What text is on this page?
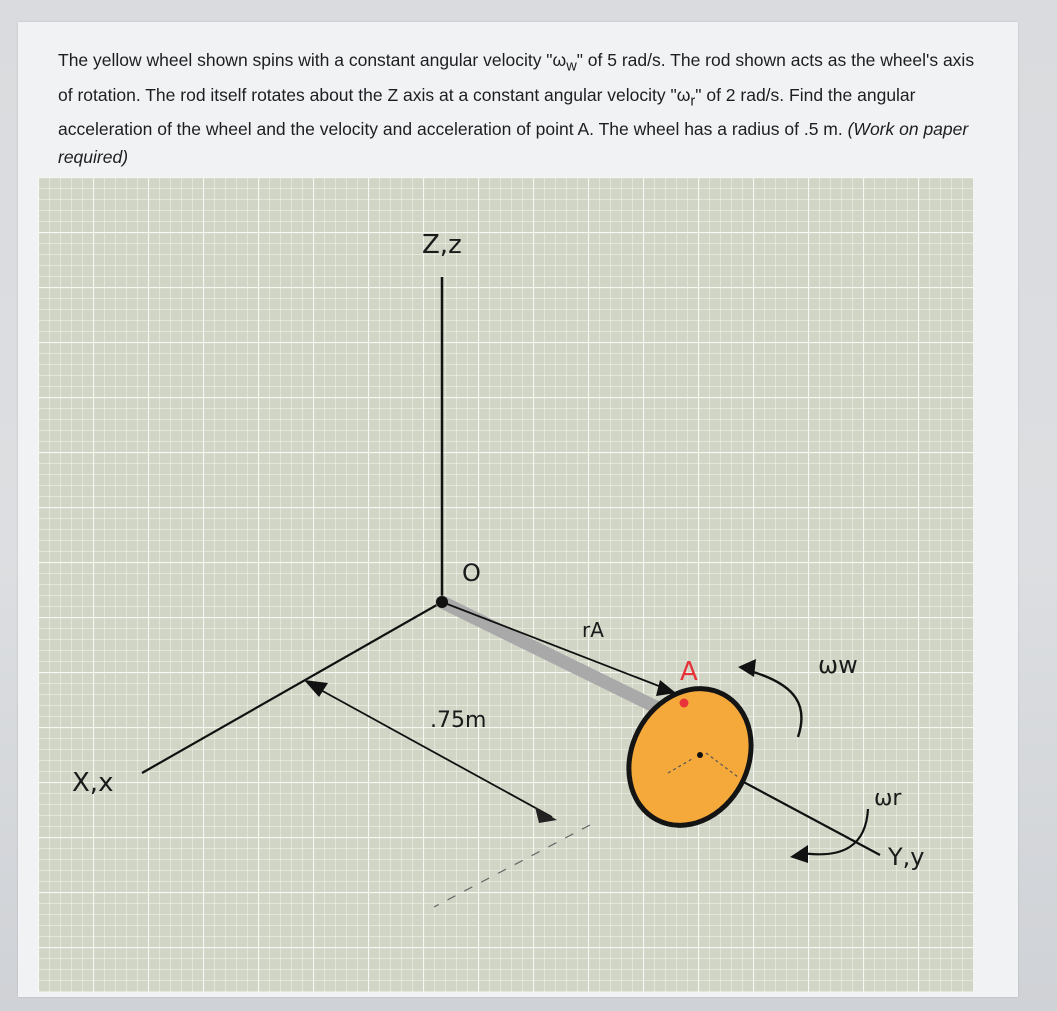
The yellow wheel shown spins with a constant angular velocity "$\omega_w$" of 5 rad/s. The rod shown acts as the wheel's axis of rotation. The rod itself rotates about the Z axis at a constant angular velocity "$\omega_r$" of 2 rad/s. Find the angular acceleration of the wheel and the velocity and acceleration of point A. The wheel has a radius of .5 m. (Work on paper required)

Z,z
X,x
Y,y
O
rA
A
.75m
ωw
ωr
